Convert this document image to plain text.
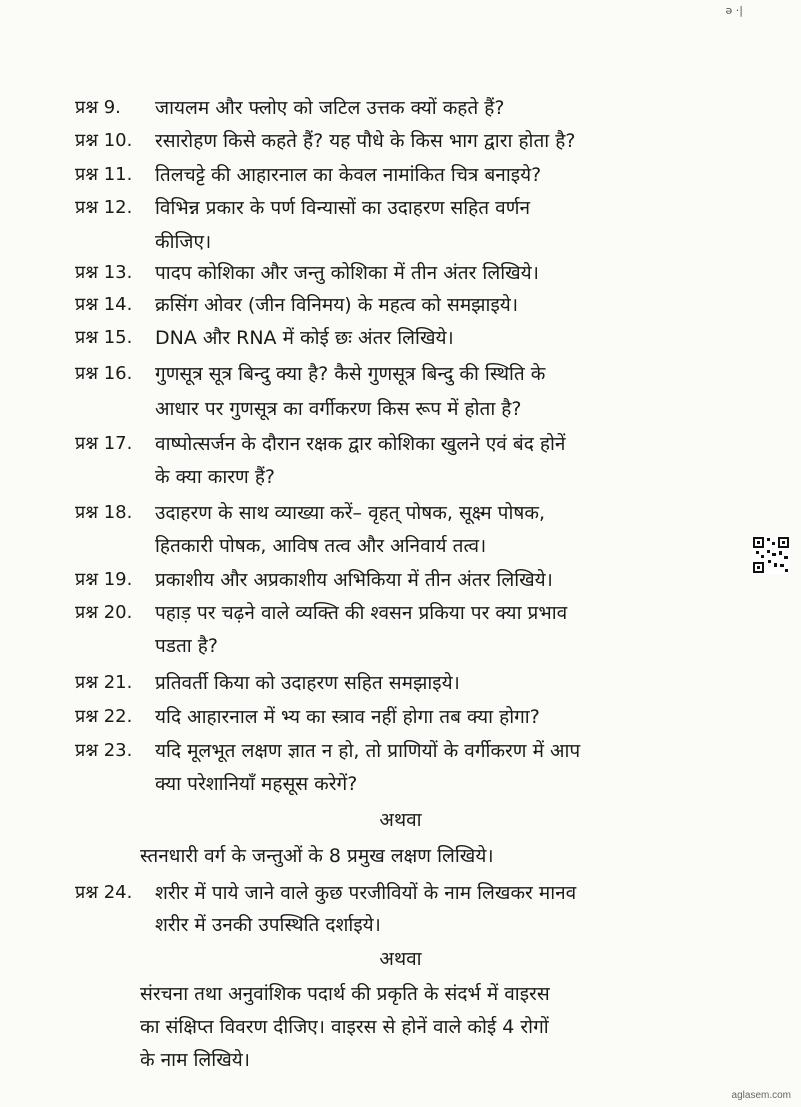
ə ·|
प्रश्न 9.	जायलम और फ्लोए को जटिल उत्तक क्यों कहते हैं?
प्रश्न 10.	रसारोहण किसे कहते हैं? यह पौधे के किस भाग द्वारा होता है?
प्रश्न 11.	तिलचट्टे की आहारनाल का केवल नामांकित चित्र बनाइये?
प्रश्न 12.	विभिन्न प्रकार के पर्ण विन्यासों का उदाहरण सहित वर्णन
कीजिए।
प्रश्न 13.	पादप कोशिका और जन्तु कोशिका में तीन अंतर लिखिये।
प्रश्न 14.	क्रसिंग ओवर (जीन विनिमय) के महत्व को समझाइये।
प्रश्न 15.	DNA और RNA में कोई छः अंतर लिखिये।
प्रश्न 16.	गुणसूत्र सूत्र बिन्दु क्या है? कैसे गुणसूत्र बिन्दु की स्थिति के
आधार पर गुणसूत्र का वर्गीकरण किस रूप में होता है?
प्रश्न 17.	वाष्पोत्सर्जन के दौरान रक्षक द्वार कोशिका खुलने एवं बंद होनें
के क्या कारण हैं?
प्रश्न 18.	उदाहरण के साथ व्याख्या करें– वृहत् पोषक, सूक्ष्म पोषक,
हितकारी पोषक, आविष तत्व और अनिवार्य तत्व।
प्रश्न 19.	प्रकाशीय और अप्रकाशीय अभिकिया में तीन अंतर लिखिये।
प्रश्न 20.	पहाड़ पर चढ़ने वाले व्यक्ति की श्वसन प्रकिया पर क्या प्रभाव
पडता है?
प्रश्न 21.	प्रतिवर्ती किया को उदाहरण सहित समझाइये।
प्रश्न 22.	यदि आहारनाल में भ्य का स्त्राव नहीं होगा तब क्या होगा?
प्रश्न 23.	यदि मूलभूत लक्षण ज्ञात न हो, तो प्राणियों के वर्गीकरण में आप
क्या परेशानियाँ महसूस करेगें?
अथवा
स्तनधारी वर्ग के जन्तुओं के 8 प्रमुख लक्षण लिखिये।
प्रश्न 24.	शरीर में पाये जाने वाले कुछ परजीवियों के नाम लिखकर मानव
शरीर में उनकी उपस्थिति दर्शाइये।
अथवा
संरचना तथा अनुवांशिक पदार्थ की प्रकृति के संदर्भ में वाइरस
का संक्षिप्त विवरण दीजिए। वाइरस से होनें वाले कोई 4 रोगों
के नाम लिखिये।
aglasem.com
